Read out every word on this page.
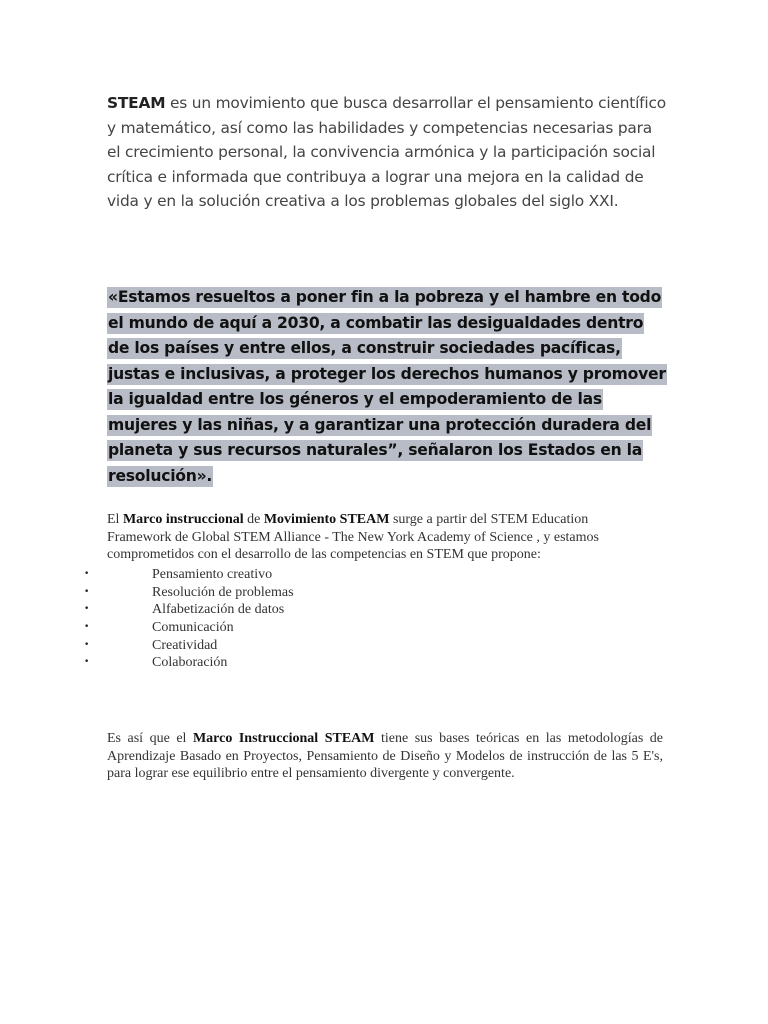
STEAM es un movimiento que busca desarrollar el pensamiento científico y matemático, así como las habilidades y competencias necesarias para el crecimiento personal, la convivencia armónica y la participación social crítica e informada que contribuya a lograr una mejora en la calidad de vida y en la solución creativa a los problemas globales del siglo XXI.

«Estamos resueltos a poner fin a la pobreza y el hambre en todo el mundo de aquí a 2030, a combatir las desigualdades dentro de los países y entre ellos, a construir sociedades pacíficas, justas e inclusivas, a proteger los derechos humanos y promover la igualdad entre los géneros y el empoderamiento de las mujeres y las niñas, y a garantizar una protección duradera del planeta y sus recursos naturales”, señalaron los Estados en la resolución».

El Marco instruccional de Movimiento STEAM surge a partir del STEM Education Framework de Global STEM Alliance - The New York Academy of Science , y estamos comprometidos con el desarrollo de las competencias en STEM que propone:

•	Pensamiento creativo
•	Resolución de problemas
•	Alfabetización de datos
•	Comunicación
•	Creatividad
•	Colaboración

Es así que el Marco Instruccional STEAM tiene sus bases teóricas en las metodologías de Aprendizaje Basado en Proyectos, Pensamiento de Diseño y Modelos de instrucción de las 5 E's, para lograr ese equilibrio entre el pensamiento divergente y convergente.
